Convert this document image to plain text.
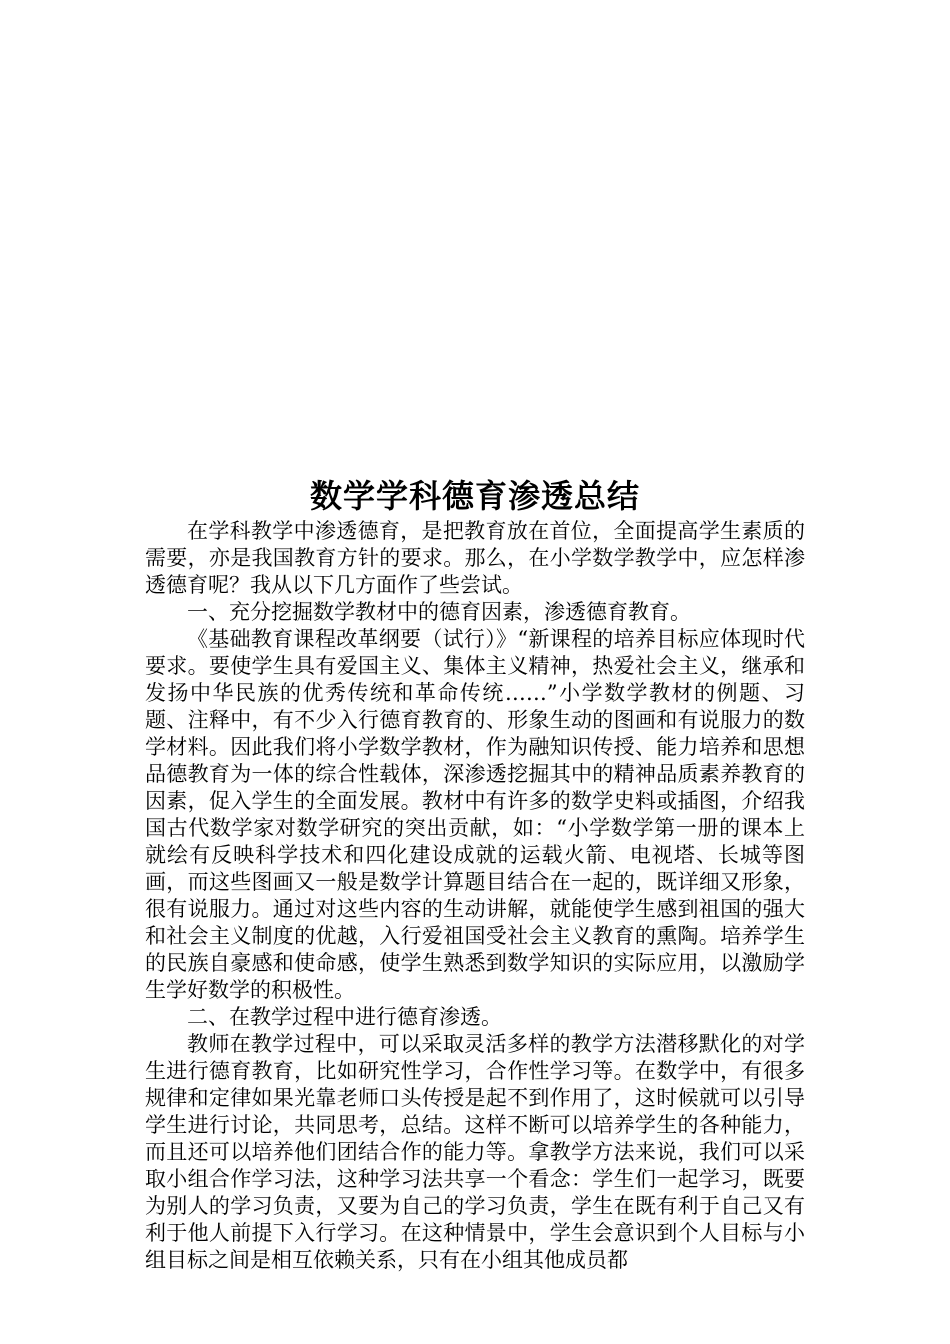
数学学科德育渗透总结

在学科教学中渗透德育，是把教育放在首位，全面提高学生素质的需要，亦是我国教育方针的要求。那么，在小学数学教学中，应怎样渗透德育呢？我从以下几方面作了些尝试。

一、充分挖掘数学教材中的德育因素，渗透德育教育。

《基础教育课程改革纲要（试行）》“新课程的培养目标应体现时代要求。要使学生具有爱国主义、集体主义精神，热爱社会主义，继承和发扬中华民族的优秀传统和革命传统……”小学数学教材的例题、习题、注释中，有不少入行德育教育的、形象生动的图画和有说服力的数学材料。因此我们将小学数学教材，作为融知识传授、能力培养和思想品德教育为一体的综合性载体，深渗透挖掘其中的精神品质素养教育的因素，促入学生的全面发展。教材中有许多的数学史料或插图，介绍我国古代数学家对数学研究的突出贡献，如：“小学数学第一册的课本上就绘有反映科学技术和四化建设成就的运载火箭、电视塔、长城等图画，而这些图画又一般是数学计算题目结合在一起的，既详细又形象，很有说服力。通过对这些内容的生动讲解，就能使学生感到祖国的强大和社会主义制度的优越，入行爱祖国受社会主义教育的熏陶。培养学生的民族自豪感和使命感，使学生熟悉到数学知识的实际应用，以激励学生学好数学的积极性。

二、在教学过程中进行德育渗透。

教师在教学过程中，可以采取灵活多样的教学方法潜移默化的对学生进行德育教育，比如研究性学习，合作性学习等。在数学中，有很多规律和定律如果光靠老师口头传授是起不到作用了，这时候就可以引导学生进行讨论，共同思考，总结。这样不断可以培养学生的各种能力，而且还可以培养他们团结合作的能力等。拿教学方法来说，我们可以采取小组合作学习法，这种学习法共享一个看念：学生们一起学习，既要为别人的学习负责，又要为自己的学习负责，学生在既有利于自己又有利于他人前提下入行学习。在这种情景中，学生会意识到个人目标与小组目标之间是相互依赖关系，只有在小组其他成员都
